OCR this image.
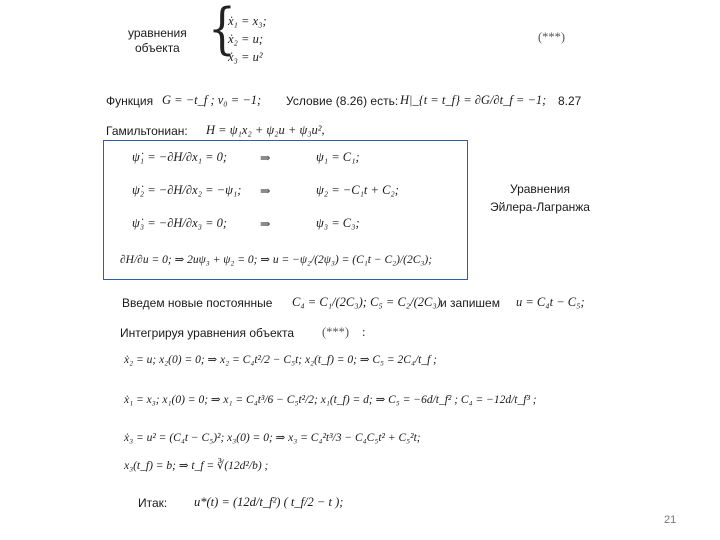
уравнения
объекта {
ẋ₁ = x₃;
ẋ₂ = u;
ẋ₃ = u²
(***)
Функция G = −t_f ; ν₀ = −1; Условие (8.26) есть: H|_{t = t_f} = ∂G/∂t_f = −1; 8.27
Гамильтониан: H = ψ₁x₂ + ψ₂u + ψ₃u²,
ψ̇₁ = −∂H/∂x₁ = 0;	⇒	ψ₁ = C₁;
ψ̇₂ = −∂H/∂x₂ = −ψ₁; ⇒	ψ₂ = −C₁t + C₂;
ψ̇₃ = −∂H/∂x₃ = 0;	⇒	ψ₃ = C₃;
∂H/∂u = 0; ⇒ 2uψ₃ + ψ₂ = 0; ⇒ u = −ψ₂/(2ψ₃) = (C₁t − C₂)/(2C₃);
Уравнения
Эйлера-Лагранжа
Введем новые постоянные C₄ = C₁/(2C₃); C₅ = C₂/(2C₃) и запишем u = C₄t − C₅;
Интегрируя уравнения объекта (***) :
ẋ₂ = u; x₂(0) = 0; ⇒ x₂ = C₄t²/2 − C₅t; x₂(t_f) = 0; ⇒ C₅ = 2C₄/t_f ;
ẋ₁ = x₃; x₁(0) = 0; ⇒ x₁ = C₄t³/6 − C₅t²/2; x₁(t_f) = d; ⇒ C₅ = −6d/t_f² ; C₄ = −12d/t_f³ ;
ẋ₃ = u² = (C₄t − C₅)²; x₃(0) = 0; ⇒ x₃ = C₄²t³/3 − C₄C₅t² + C₅²t;
x₃(t_f) = b; ⇒ t_f = ∛(12d²/b) ;
Итак: u*(t) = (12d/t_f²) ( t_f/2 − t );
21
